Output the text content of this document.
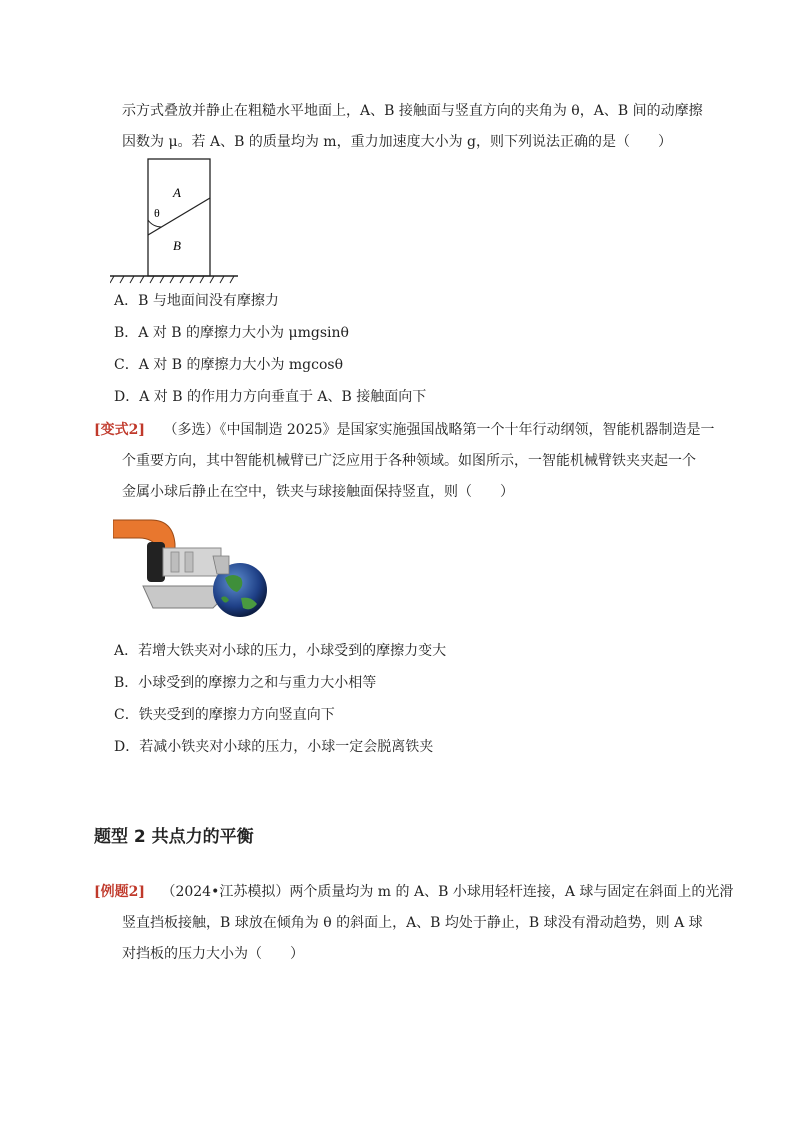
示方式叠放并静止在粗糙水平地面上，A、B 接触面与竖直方向的夹角为 θ，A、B 间的动摩擦
因数为 μ。若 A、B 的质量均为 m，重力加速度大小为 g，则下列说法正确的是（　　）
A
θ
B
A．B 与地面间没有摩擦力
B．A 对 B 的摩擦力大小为 μmgsinθ
C．A 对 B 的摩擦力大小为 mgcosθ
D．A 对 B 的作用力方向垂直于 A、B 接触面向下
[变式2] （多选）《中国制造 2025》是国家实施强国战略第一个十年行动纲领，智能机器制造是一
个重要方向，其中智能机械臂已广泛应用于各种领域。如图所示，一智能机械臂铁夹夹起一个
金属小球后静止在空中，铁夹与球接触面保持竖直，则（　　）
A．若增大铁夹对小球的压力，小球受到的摩擦力变大
B．小球受到的摩擦力之和与重力大小相等
C．铁夹受到的摩擦力方向竖直向下
D．若减小铁夹对小球的压力，小球一定会脱离铁夹
题型 2 共点力的平衡
[例题2] （2024•江苏模拟）两个质量均为 m 的 A、B 小球用轻杆连接，A 球与固定在斜面上的光滑
竖直挡板接触，B 球放在倾角为 θ 的斜面上，A、B 均处于静止，B 球没有滑动趋势，则 A 球
对挡板的压力大小为（　　）
